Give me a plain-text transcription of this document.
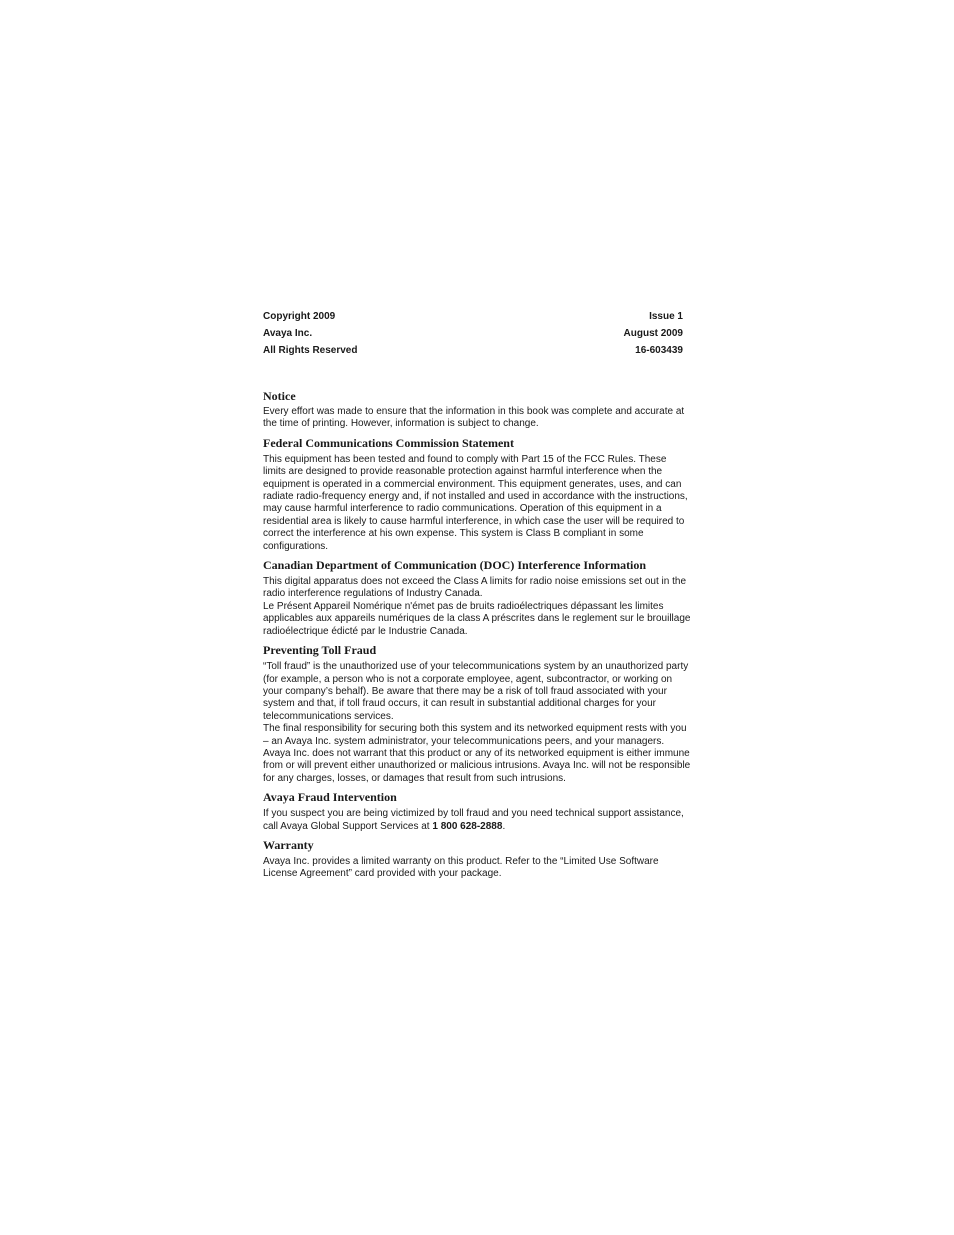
Copyright 2009	Issue 1
Avaya Inc.	August 2009
All Rights Reserved	16-603439
Notice

Every effort was made to ensure that the information in this book was complete and accurate at the time of printing. However, information is subject to change.

Federal Communications Commission Statement

This equipment has been tested and found to comply with Part 15 of the FCC Rules. These limits are designed to provide reasonable protection against harmful interference when the equipment is operated in a commercial environment. This equipment generates, uses, and can radiate radio-frequency energy and, if not installed and used in accordance with the instructions, may cause harmful interference to radio communications. Operation of this equipment in a residential area is likely to cause harmful interference, in which case the user will be required to correct the interference at his own expense. This system is Class B compliant in some configurations.

Canadian Department of Communication (DOC) Interference Information

This digital apparatus does not exceed the Class A limits for radio noise emissions set out in the radio interference regulations of Industry Canada.

Le Présent Appareil Nomérique n'émet pas de bruits radioélectriques dépassant les limites applicables aux appareils numériques de la class A préscrites dans le reglement sur le brouillage radioélectrique édicté par le Industrie Canada.

Preventing Toll Fraud

“Toll fraud” is the unauthorized use of your telecommunications system by an unauthorized party (for example, a person who is not a corporate employee, agent, subcontractor, or working on your company’s behalf). Be aware that there may be a risk of toll fraud associated with your system and that, if toll fraud occurs, it can result in substantial additional charges for your telecommunications services.

The final responsibility for securing both this system and its networked equipment rests with you – an Avaya Inc. system administrator, your telecommunications peers, and your managers. Avaya Inc. does not warrant that this product or any of its networked equipment is either immune from or will prevent either unauthorized or malicious intrusions. Avaya Inc. will not be responsible for any charges, losses, or damages that result from such intrusions.

Avaya Fraud Intervention

If you suspect you are being victimized by toll fraud and you need technical support assistance, call Avaya Global Support Services at 1 800 628-2888.

Warranty

Avaya Inc. provides a limited warranty on this product. Refer to the “Limited Use Software License Agreement” card provided with your package.
